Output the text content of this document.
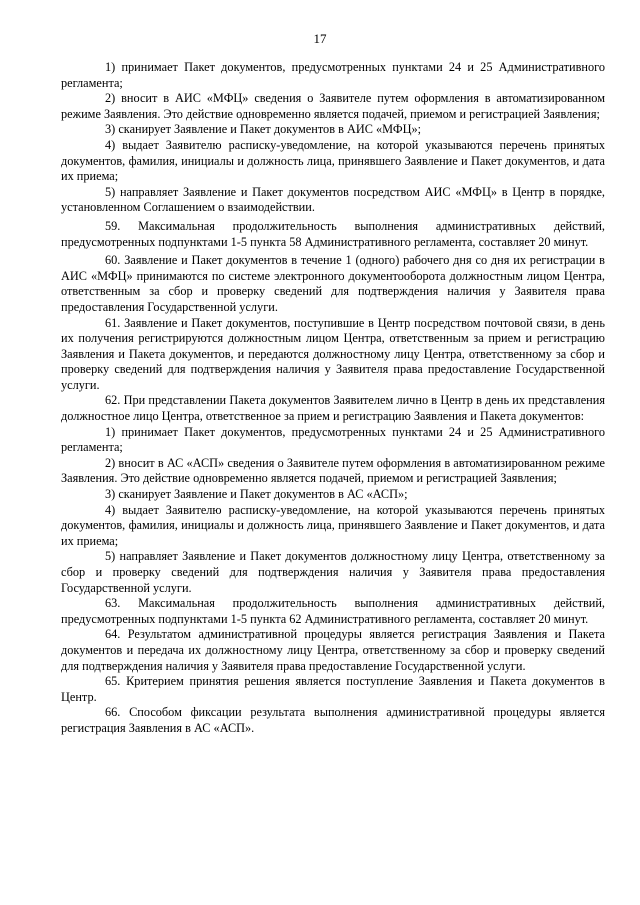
17

1) принимает Пакет документов, предусмотренных пунктами 24 и 25 Административного регламента;

2) вносит в АИС «МФЦ» сведения о Заявителе путем оформления в автоматизированном режиме Заявления. Это действие одновременно является подачей, приемом и регистрацией Заявления;

3) сканирует Заявление и Пакет документов в АИС «МФЦ»;

4) выдает Заявителю расписку-уведомление, на которой указываются перечень принятых документов, фамилия, инициалы и должность лица, принявшего Заявление и Пакет документов, и дата их приема;

5) направляет Заявление и Пакет документов посредством АИС «МФЦ» в Центр в порядке, установленном Соглашением о взаимодействии.

59. Максимальная продолжительность выполнения административных действий, предусмотренных подпунктами 1-5 пункта 58 Административного регламента, составляет 20 минут.

60. Заявление и Пакет документов в течение 1 (одного) рабочего дня со дня их регистрации в АИС «МФЦ» принимаются по системе электронного документооборота должностным лицом Центра, ответственным за сбор и проверку сведений для подтверждения наличия у Заявителя права предоставления Государственной услуги.

61. Заявление и Пакет документов, поступившие в Центр посредством почтовой связи, в день их получения регистрируются должностным лицом Центра, ответственным за прием и регистрацию Заявления и Пакета документов, и передаются должностному лицу Центра, ответственному за сбор и проверку сведений для подтверждения наличия у Заявителя права предоставление Государственной услуги.

62. При представлении Пакета документов Заявителем лично в Центр в день их представления должностное лицо Центра, ответственное за прием и регистрацию Заявления и Пакета документов:

1) принимает Пакет документов, предусмотренных пунктами 24 и 25 Административного регламента;

2) вносит в АС «АСП» сведения о Заявителе путем оформления в автоматизированном режиме Заявления. Это действие одновременно является подачей, приемом и регистрацией Заявления;

3) сканирует Заявление и Пакет документов в АС «АСП»;

4) выдает Заявителю расписку-уведомление, на которой указываются перечень принятых документов, фамилия, инициалы и должность лица, принявшего Заявление и Пакет документов, и дата их приема;

5) направляет Заявление и Пакет документов должностному лицу Центра, ответственному за сбор и проверку сведений для подтверждения наличия у Заявителя права предоставления Государственной услуги.

63. Максимальная продолжительность выполнения административных действий, предусмотренных подпунктами 1-5 пункта 62 Административного регламента, составляет 20 минут.

64. Результатом административной процедуры является регистрация Заявления и Пакета документов и передача их должностному лицу Центра, ответственному за сбор и проверку сведений для подтверждения наличия у Заявителя права предоставление Государственной услуги.

65. Критерием принятия решения является поступление Заявления и Пакета документов в Центр.

66. Способом фиксации результата выполнения административной процедуры является регистрация Заявления в АС «АСП».
